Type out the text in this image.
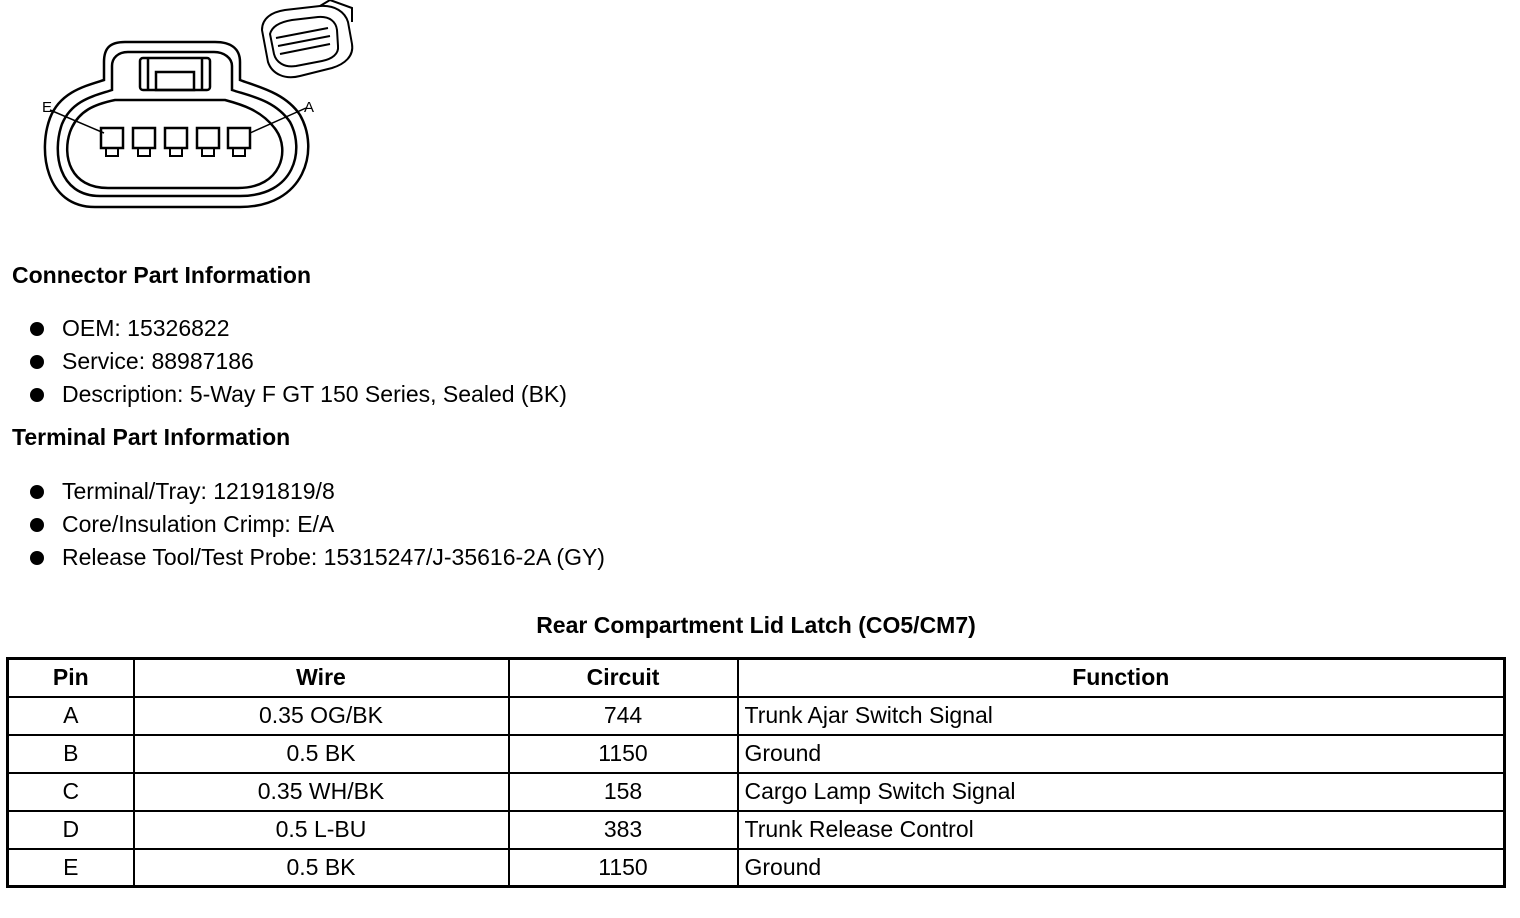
E	A
Connector Part Information
OEM: 15326822
Service: 88987186
Description: 5-Way F GT 150 Series, Sealed (BK)
Terminal Part Information
Terminal/Tray: 12191819/8
Core/Insulation Crimp: E/A
Release Tool/Test Probe: 15315247/J-35616-2A (GY)
Rear Compartment Lid Latch (CO5/CM7)
Pin	Wire	Circuit	Function
A	0.35 OG/BK	744	Trunk Ajar Switch Signal
B	0.5 BK	1150	Ground
C	0.35 WH/BK	158	Cargo Lamp Switch Signal
D	0.5 L-BU	383	Trunk Release Control
E	0.5 BK	1150	Ground
